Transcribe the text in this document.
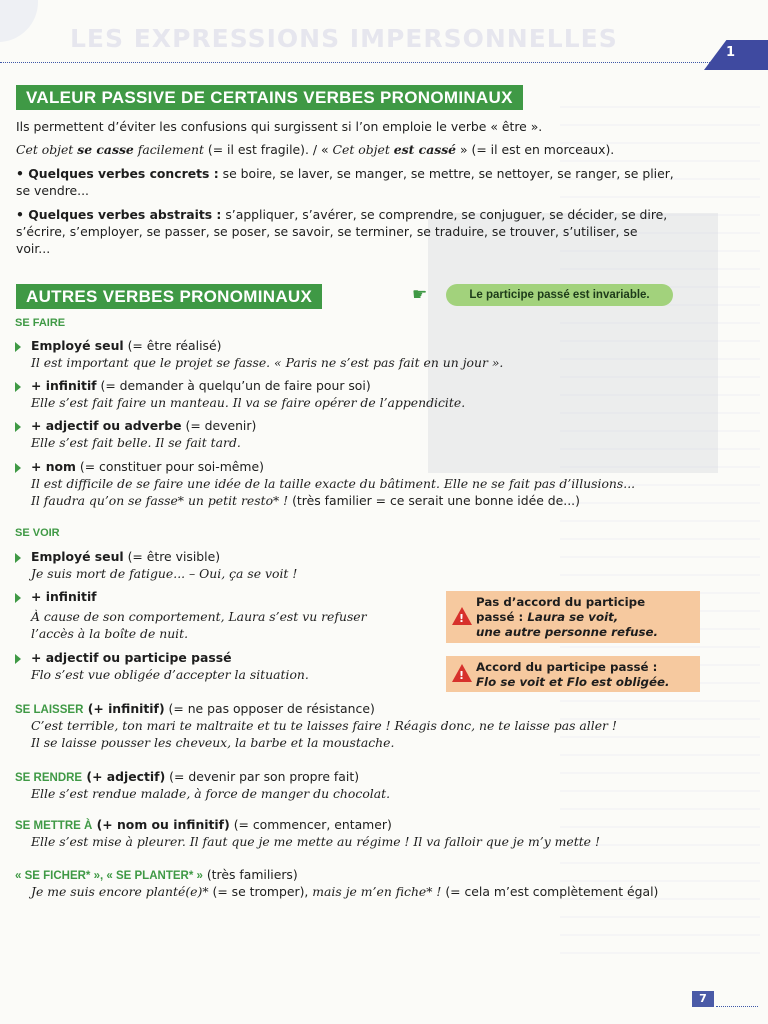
LES EXPRESSIONS IMPERSONNELLES	1
VALEUR PASSIVE DE CERTAINS VERBES PRONOMINAUX
Ils permettent d’éviter les confusions qui surgissent si l’on emploie le verbe « être ».
Cet objet se casse facilement (= il est fragile). / « Cet objet est cassé » (= il est en morceaux).
• Quelques verbes concrets : se boire, se laver, se manger, se mettre, se nettoyer, se ranger, se plier,
se vendre...
• Quelques verbes abstraits : s’appliquer, s’avérer, se comprendre, se conjuguer, se décider, se dire,
s’écrire, s’employer, se passer, se poser, se savoir, se terminer, se traduire, se trouver, s’utiliser, se
voir...
AUTRES VERBES PRONOMINAUX	☛	Le participe passé est invariable.
SE FAIRE
Employé seul (= être réalisé)
Il est important que le projet se fasse. « Paris ne s’est pas fait en un jour ».
+ infinitif (= demander à quelqu’un de faire pour soi)
Elle s’est fait faire un manteau. Il va se faire opérer de l’appendicite.
+ adjectif ou adverbe (= devenir)
Elle s’est fait belle. Il se fait tard.
+ nom (= constituer pour soi-même)
Il est difficile de se faire une idée de la taille exacte du bâtiment. Elle ne se fait pas d’illusions...
Il faudra qu’on se fasse* un petit resto* ! (très familier = ce serait une bonne idée de...)
SE VOIR
Employé seul (= être visible)
Je suis mort de fatigue... – Oui, ça se voit !
+ infinitif
À cause de son comportement, Laura s’est vu refuser
l’accès à la boîte de nuit.
!
Pas d’accord du participe
passé : Laura se voit,
une autre personne refuse.
+ adjectif ou participe passé
Flo s’est vue obligée d’accepter la situation.	!
Accord du participe passé :
Flo se voit et Flo est obligée.
SE LAISSER (+ infinitif) (= ne pas opposer de résistance)
C’est terrible, ton mari te maltraite et tu te laisses faire ! Réagis donc, ne te laisse pas aller !
Il se laisse pousser les cheveux, la barbe et la moustache.
SE RENDRE (+ adjectif) (= devenir par son propre fait)
Elle s’est rendue malade, à force de manger du chocolat.
SE METTRE À (+ nom ou infinitif) (= commencer, entamer)
Elle s’est mise à pleurer. Il faut que je me mette au régime ! Il va falloir que je m’y mette !
« SE FICHER* », « SE PLANTER* » (très familiers)
Je me suis encore planté(e)* (= se tromper), mais je m’en fiche* ! (= cela m’est complètement égal)
7
